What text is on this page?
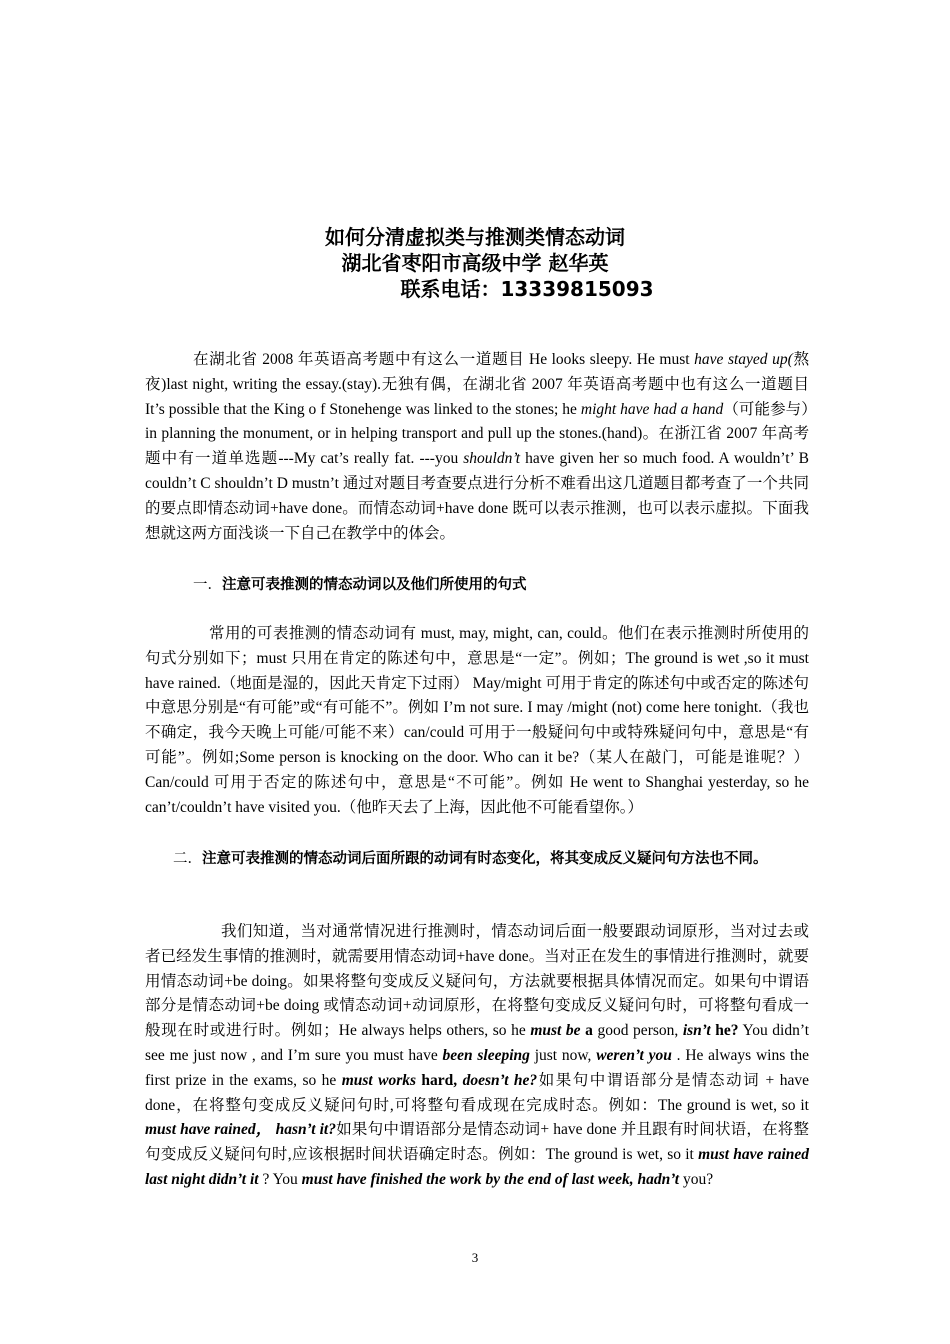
如何分清虚拟类与推测类情态动词
湖北省枣阳市高级中学 赵华英
联系电话：13339815093
在湖北省 2008 年英语高考题中有这么一道题目 He looks sleepy. He must have stayed up(熬夜)last night, writing the essay.(stay).无独有偶，在湖北省 2007 年英语高考题中也有这么一道题目 It’s possible that the King o f Stonehenge was linked to the stones; he might have had a hand（可能参与）in planning the monument, or in helping transport and pull up the stones.(hand)。在浙江省 2007 年高考题中有一道单选题---My cat’s really fat. ---you shouldn’t have given her so much food. A wouldn’t’ B couldn’t C shouldn’t D mustn’t 通过对题目考查要点进行分析不难看出这几道题目都考查了一个共同的要点即情态动词+have done。而情态动词+have done 既可以表示推测，也可以表示虚拟。下面我想就这两方面浅谈一下自己在教学中的体会。
一．注意可表推测的情态动词以及他们所使用的句式
常用的可表推测的情态动词有 must, may, might, can, could。他们在表示推测时所使用的句式分别如下；must 只用在肯定的陈述句中，意思是“一定”。例如；The ground is wet ,so it must have rained.（地面是湿的，因此天肯定下过雨） May/might 可用于肯定的陈述句中或否定的陈述句中意思分别是“有可能”或“有可能不”。例如 I’m not sure. I may /might (not) come here tonight.（我也不确定，我今天晚上可能/可能不来）can/could 可用于一般疑问句中或特殊疑问句中，意思是“有可能”。例如;Some person is knocking on the door. Who can it be?（某人在敲门，可能是谁呢？）Can/could 可用于否定的陈述句中，意思是“不可能”。例如 He went to Shanghai yesterday, so he can’t/couldn’t have visited you.（他昨天去了上海，因此他不可能看望你。）
二．注意可表推测的情态动词后面所跟的动词有时态变化，将其变成反义疑问句方法也不同。
我们知道，当对通常情况进行推测时，情态动词后面一般要跟动词原形，当对过去或者已经发生事情的推测时，就需要用情态动词+have done。当对正在发生的事情进行推测时，就要用情态动词+be doing。如果将整句变成反义疑问句，方法就要根据具体情况而定。如果句中谓语部分是情态动词+be doing 或情态动词+动词原形，在将整句变成反义疑问句时，可将整句看成一般现在时或进行时。例如；He always helps others, so he must be a good person, isn’t he? You didn’t see me just now , and I’m sure you must have been sleeping just now, weren’t you . He always wins the first prize in the exams, so he must works hard, doesn’t he?如果句中谓语部分是情态动词 + have done，在将整句变成反义疑问句时,可将整句看成现在完成时态。例如：The ground is wet, so it must have rained， hasn’t it?如果句中谓语部分是情态动词+ have done 并且跟有时间状语，在将整句变成反义疑问句时,应该根据时间状语确定时态。例如：The ground is wet, so it must have rained last night didn’t it ? You must have finished the work by the end of last week, hadn’t you?
3
